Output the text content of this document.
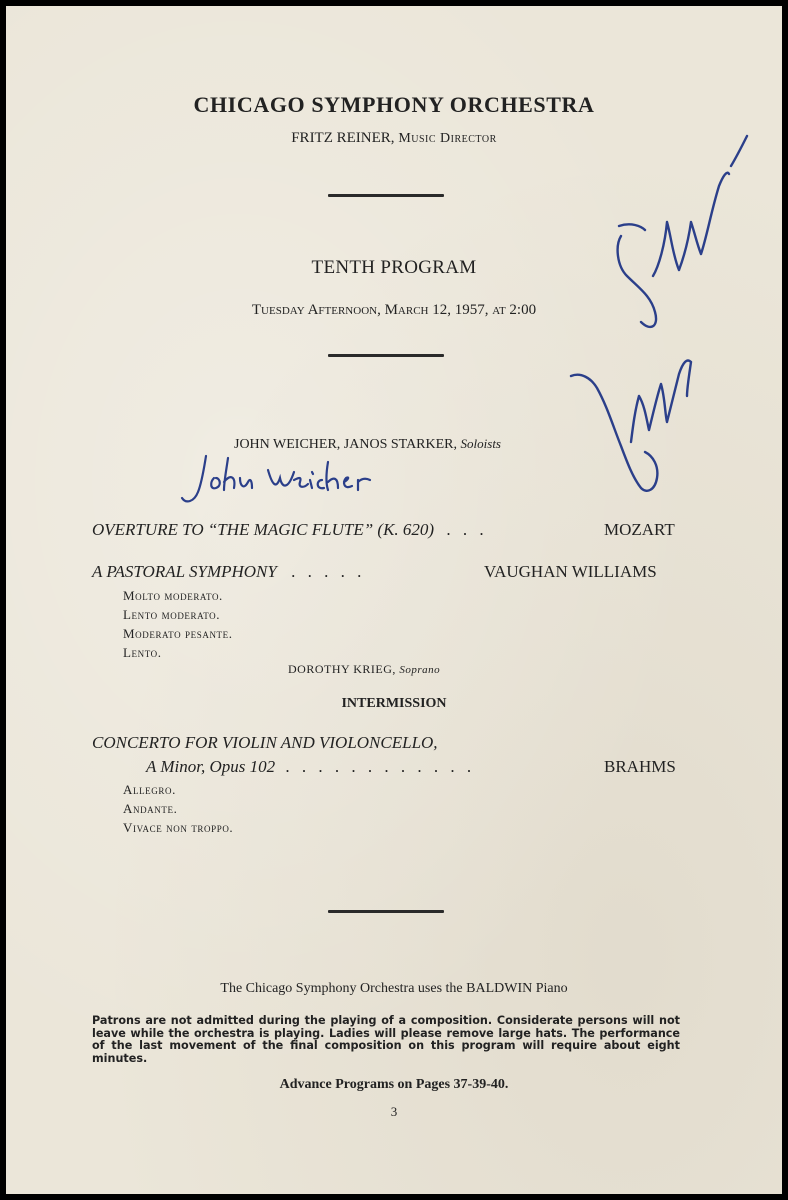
CHICAGO SYMPHONY ORCHESTRA
FRITZ REINER, Music Director
TENTH PROGRAM
Tuesday Afternoon, March 12, 1957, at 2:00
JOHN WEICHER, JANOS STARKER, Soloists
OVERTURE TO “THE MAGIC FLUTE” (K. 620) . . .	MOZART
A PASTORAL SYMPHONY . . . . .	VAUGHAN WILLIAMS
Molto moderato.
Lento moderato.
Moderato pesante.
Lento.
DOROTHY KRIEG, Soprano
INTERMISSION
CONCERTO FOR VIOLIN AND VIOLONCELLO,
A Minor, Opus 102 . . . . . . . . . . . .	BRAHMS
Allegro.
Andante.
Vivace non troppo.
The Chicago Symphony Orchestra uses the BALDWIN Piano
Patrons are not admitted during the playing of a composition. Considerate persons will not leave while the orchestra is playing. Ladies will please remove large hats. The performance of the last movement of the final composition on this program will require about eight minutes.
Advance Programs on Pages 37-39-40.
3
